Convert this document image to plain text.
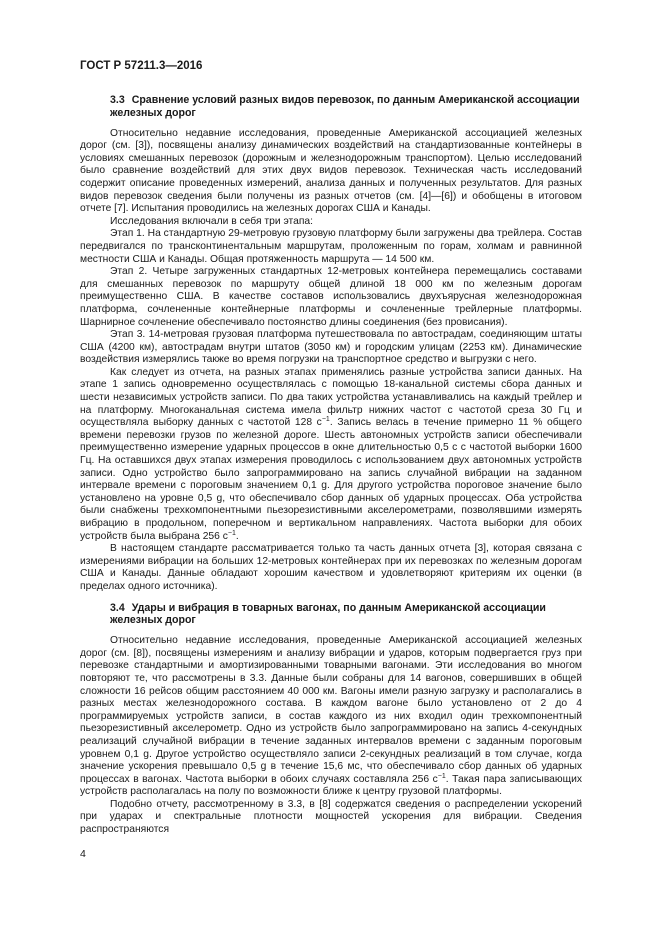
ГОСТ Р 57211.3—2016
3.3 Сравнение условий разных видов перевозок, по данным Американской ассоциации железных дорог

Относительно недавние исследования, проведенные Американской ассоциацией железных дорог (см. [3]), посвящены анализу динамических воздействий на стандартизованные контейнеры в условиях смешанных перевозок (дорожным и железнодорожным транспортом). Целью исследований было сравнение воздействий для этих двух видов перевозок. Техническая часть исследований содержит описание проведенных измерений, анализа данных и полученных результатов. Для разных видов перевозок сведения были получены из разных отчетов (см. [4]—[6]) и обобщены в итоговом отчете [7]. Испытания проводились на железных дорогах США и Канады.

Исследования включали в себя три этапа:

Этап 1. На стандартную 29-метровую грузовую платформу были загружены два трейлера. Состав передвигался по трансконтинентальным маршрутам, проложенным по горам, холмам и равнинной местности США и Канады. Общая протяженность маршрута — 14 500 км.

Этап 2. Четыре загруженных стандартных 12-метровых контейнера перемещались составами для смешанных перевозок по маршруту общей длиной 18 000 км по железным дорогам преимущественно США. В качестве составов использовались двухъярусная железнодорожная платформа, сочлененные контейнерные платформы и сочлененные трейлерные платформы. Шарнирное сочленение обеспечивало постоянство длины соединения (без провисания).

Этап 3. 14-метровая грузовая платформа путешествовала по автострадам, соединяющим штаты США (4200 км), автострадам внутри штатов (3050 км) и городским улицам (2253 км). Динамические воздействия измерялись также во время погрузки на транспортное средство и выгрузки с него.

Как следует из отчета, на разных этапах применялись разные устройства записи данных. На этапе 1 запись одновременно осуществлялась с помощью 18-канальной системы сбора данных и шести независимых устройств записи. По два таких устройства устанавливались на каждый трейлер и на платформу. Многоканальная система имела фильтр нижних частот с частотой среза 30 Гц и осуществляла выборку данных с частотой 128 $с^{-1}$. Запись велась в течение примерно 11 % общего времени перевозки грузов по железной дороге. Шесть автономных устройств записи обеспечивали преимущественно измерение ударных процессов в окне длительностью 0,5 с с частотой выборки 1600 Гц. На оставшихся двух этапах измерения проводилось с использованием двух автономных устройств записи. Одно устройство было запрограммировано на запись случайной вибрации на заданном интервале времени с пороговым значением 0,1 g. Для другого устройства пороговое значение было установлено на уровне 0,5 g, что обеспечивало сбор данных об ударных процессах. Оба устройства были снабжены трехкомпонентными пьезорезистивными акселерометрами, позволявшими измерять вибрацию в продольном, поперечном и вертикальном направлениях. Частота выборки для обоих устройств была выбрана 256 $с^{-1}$.

В настоящем стандарте рассматривается только та часть данных отчета [3], которая связана с измерениями вибрации на больших 12-метровых контейнерах при их перевозках по железным дорогам США и Канады. Данные обладают хорошим качеством и удовлетворяют критериям их оценки (в пределах одного источника).

3.4 Удары и вибрация в товарных вагонах, по данным Американской ассоциации железных дорог

Относительно недавние исследования, проведенные Американской ассоциацией железных дорог (см. [8]), посвящены измерениям и анализу вибрации и ударов, которым подвергается груз при перевозке стандартными и амортизированными товарными вагонами. Эти исследования во многом повторяют те, что рассмотрены в 3.3. Данные были собраны для 14 вагонов, совершивших в общей сложности 16 рейсов общим расстоянием 40 000 км. Вагоны имели разную загрузку и располагались в разных местах железнодорожного состава. В каждом вагоне было установлено от 2 до 4 программируемых устройств записи, в состав каждого из них входил один трехкомпонентный пьезорезистивный акселерометр. Одно из устройств было запрограммировано на запись 4-секундных реализаций случайной вибрации в течение заданных интервалов времени с заданным пороговым уровнем 0,1 g. Другое устройство осуществляло записи 2-секундных реализаций в том случае, когда значение ускорения превышало 0,5 g в течение 15,6 мс, что обеспечивало сбор данных об ударных процессах в вагонах. Частота выборки в обоих случаях составляла 256 $с^{-1}$. Такая пара записывающих устройств располагалась на полу по возможности ближе к центру грузовой платформы.

Подобно отчету, рассмотренному в 3.3, в [8] содержатся сведения о распределении ускорений при ударах и спектральные плотности мощностей ускорения для вибрации. Сведения распространяются

4
